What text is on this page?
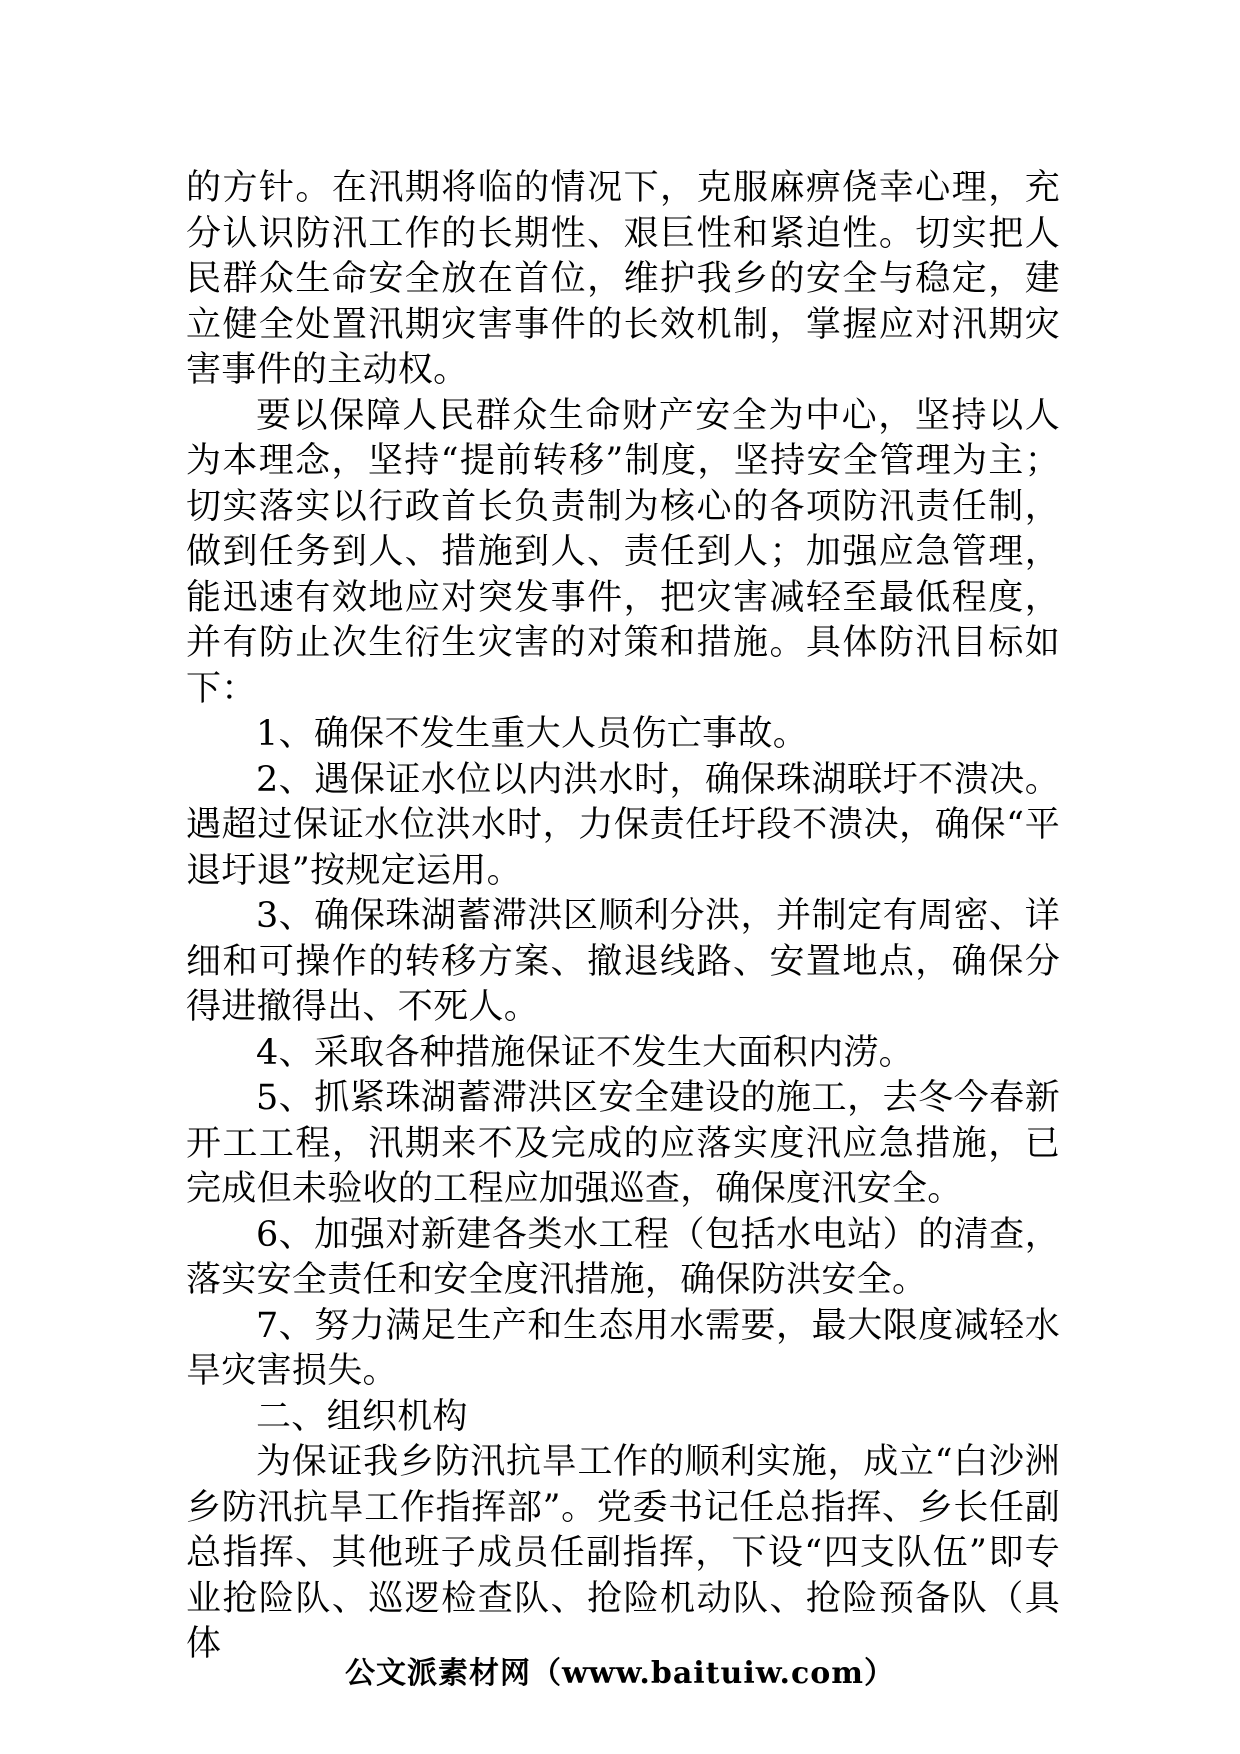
的方针。在汛期将临的情况下，克服麻痹侥幸心理，充分认识防汛工作的长期性、艰巨性和紧迫性。切实把人民群众生命安全放在首位，维护我乡的安全与稳定，建立健全处置汛期灾害事件的长效机制，掌握应对汛期灾害事件的主动权。

要以保障人民群众生命财产安全为中心，坚持以人为本理念，坚持“提前转移”制度，坚持安全管理为主；切实落实以行政首长负责制为核心的各项防汛责任制，做到任务到人、措施到人、责任到人；加强应急管理，能迅速有效地应对突发事件，把灾害减轻至最低程度，并有防止次生衍生灾害的对策和措施。具体防汛目标如下：

1、确保不发生重大人员伤亡事故。

2、遇保证水位以内洪水时，确保珠湖联圩不溃决。遇超过保证水位洪水时，力保责任圩段不溃决，确保“平退圩退”按规定运用。

3、确保珠湖蓄滞洪区顺利分洪，并制定有周密、详细和可操作的转移方案、撤退线路、安置地点，确保分得进撤得出、不死人。

4、采取各种措施保证不发生大面积内涝。

5、抓紧珠湖蓄滞洪区安全建设的施工，去冬今春新开工工程，汛期来不及完成的应落实度汛应急措施，已完成但未验收的工程应加强巡查，确保度汛安全。

6、加强对新建各类水工程（包括水电站）的清查，落实安全责任和安全度汛措施，确保防洪安全。

7、努力满足生产和生态用水需要，最大限度减轻水旱灾害损失。

二、组织机构

为保证我乡防汛抗旱工作的顺利实施，成立“白沙洲乡防汛抗旱工作指挥部”。党委书记任总指挥、乡长任副总指挥、其他班子成员任副指挥，下设“四支队伍”即专业抢险队、巡逻检查队、抢险机动队、抢险预备队（具体

公文派素材网（www.baituiw.com）
